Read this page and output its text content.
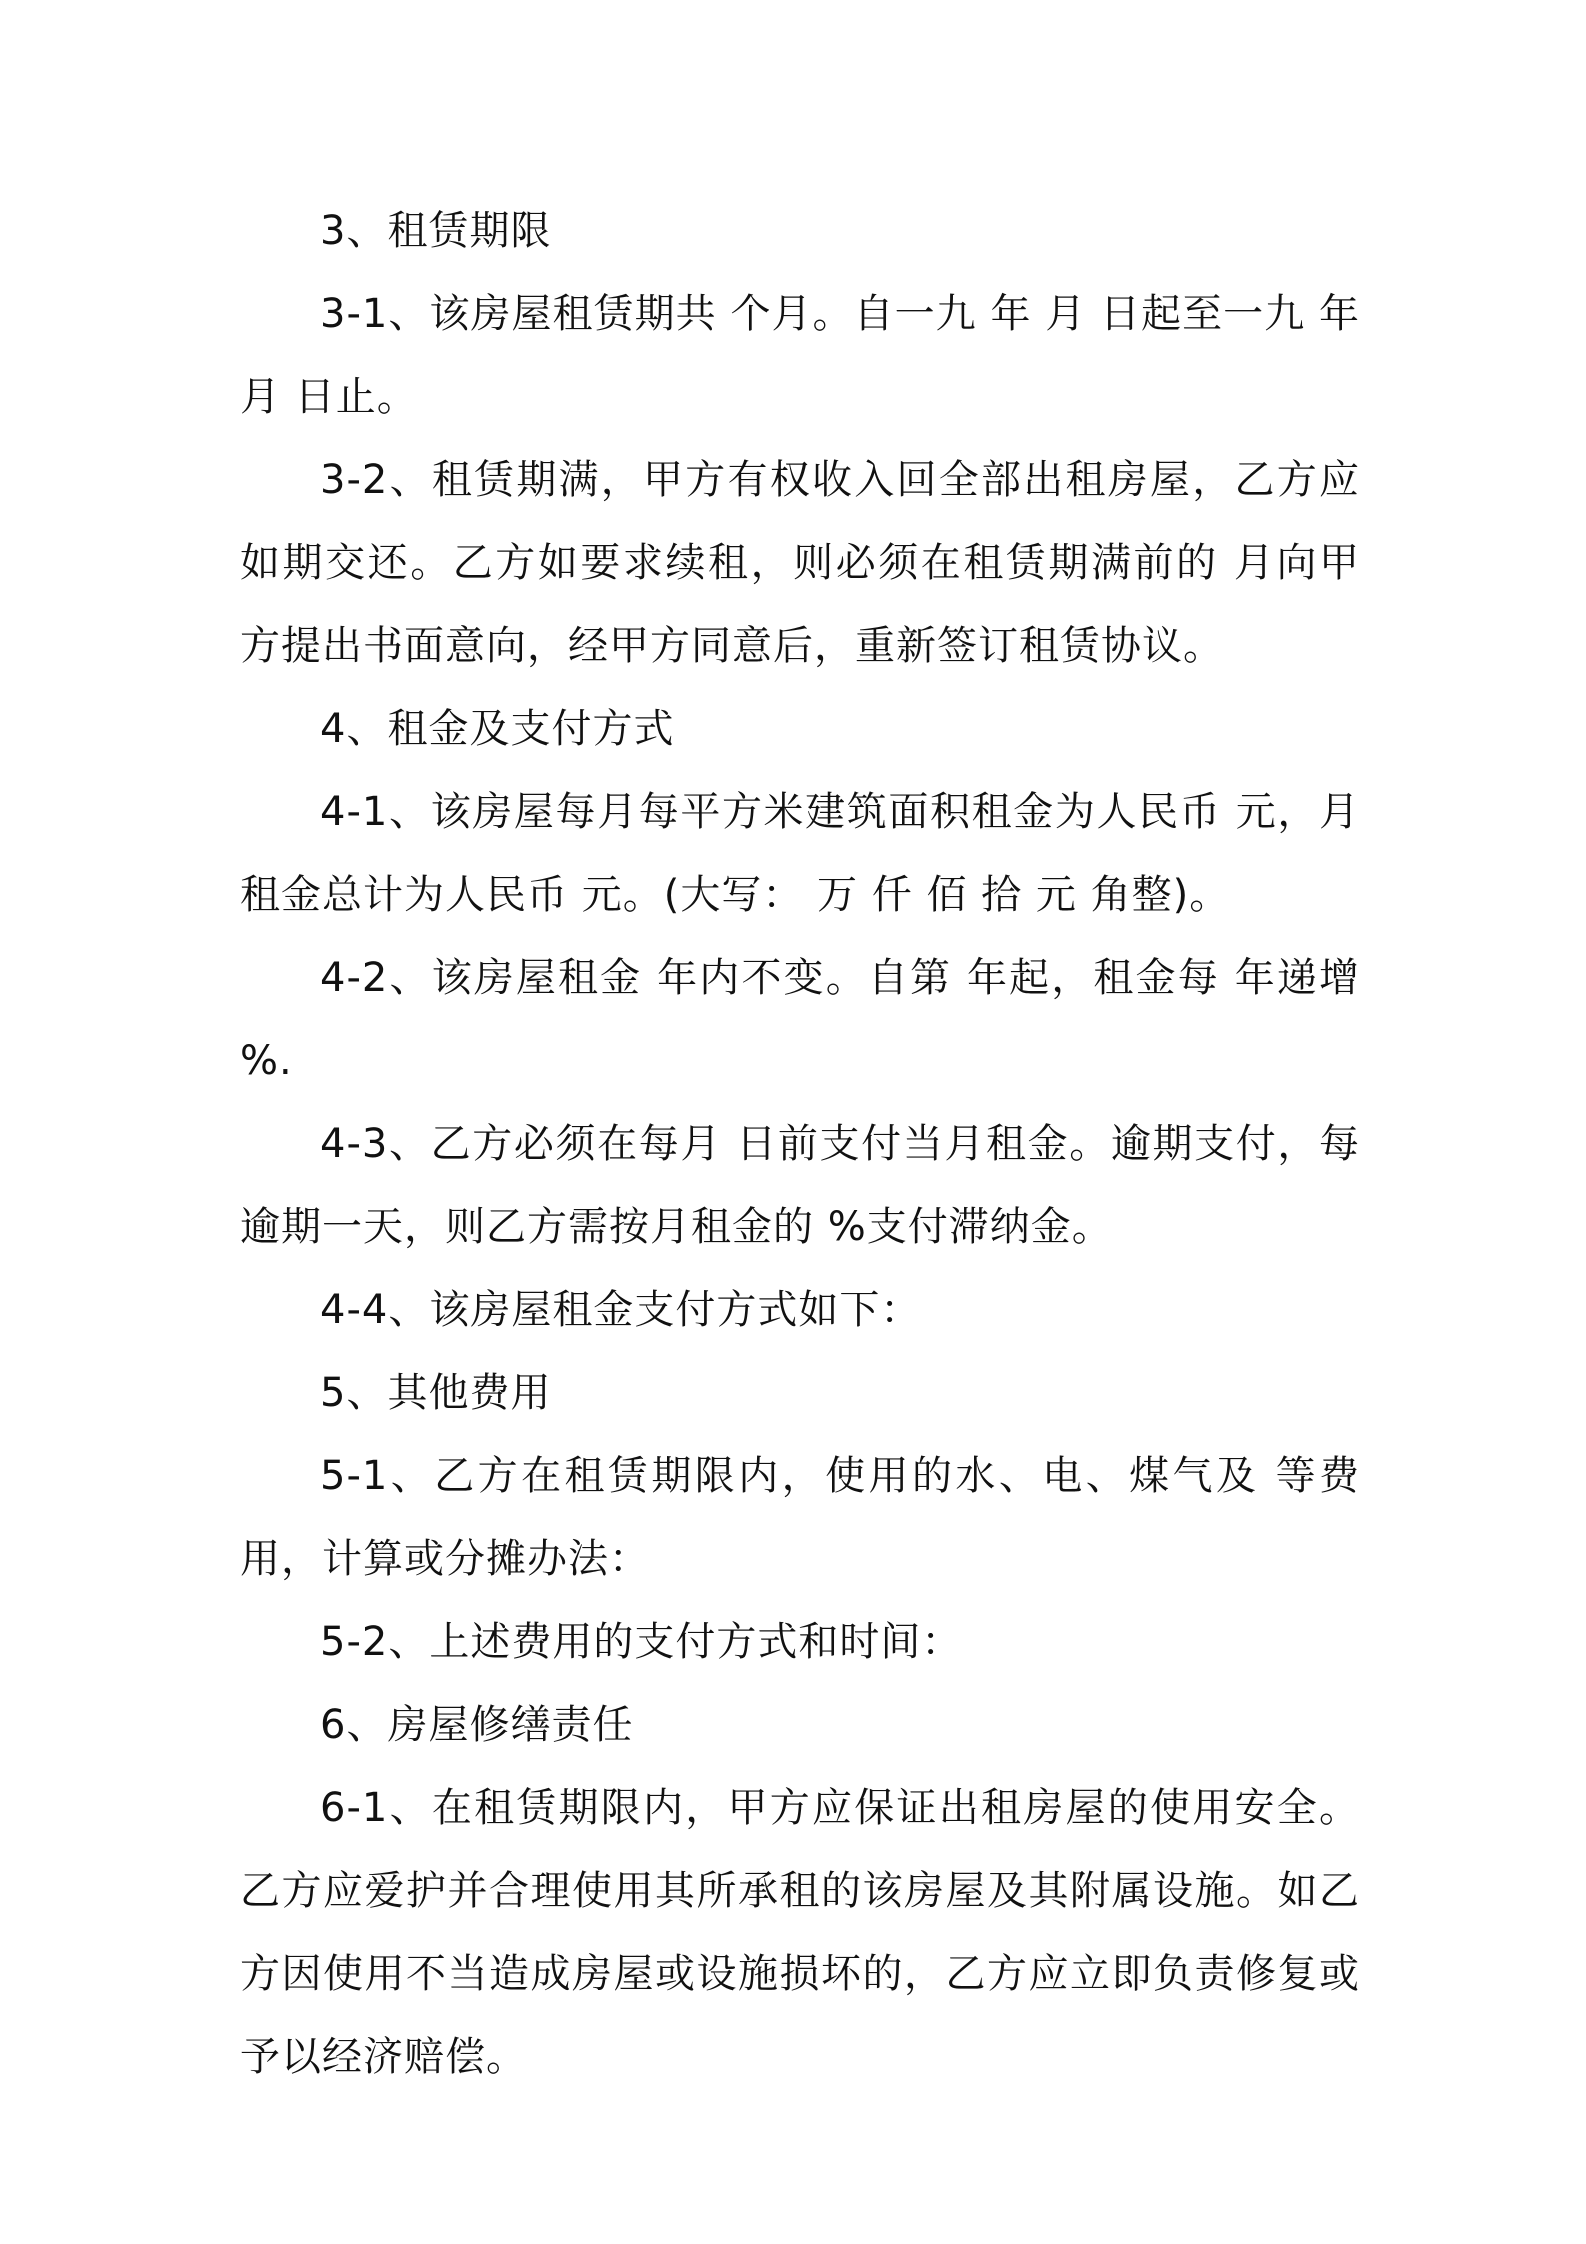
3、租赁期限

3-1、该房屋租赁期共 个月。自一九 年 月 日起至一九 年 月 日止。

3-2、租赁期满，甲方有权收入回全部出租房屋，乙方应如期交还。乙方如要求续租，则必须在租赁期满前的 月向甲方提出书面意向，经甲方同意后，重新签订租赁协议。

4、租金及支付方式

4-1、该房屋每月每平方米建筑面积租金为人民币 元，月租金总计为人民币 元。(大写： 万 仟 佰 拾 元 角整)。

4-2、该房屋租金 年内不变。自第 年起，租金每 年递增 %.

4-3、乙方必须在每月 日前支付当月租金。逾期支付，每逾期一天，则乙方需按月租金的 %支付滞纳金。

4-4、该房屋租金支付方式如下：

5、其他费用

5-1、乙方在租赁期限内，使用的水、电、煤气及 等费用，计算或分摊办法：

5-2、上述费用的支付方式和时间：

6、房屋修缮责任

6-1、在租赁期限内，甲方应保证出租房屋的使用安全。乙方应爱护并合理使用其所承租的该房屋及其附属设施。如乙方因使用不当造成房屋或设施损坏的，乙方应立即负责修复或予以经济赔偿。
